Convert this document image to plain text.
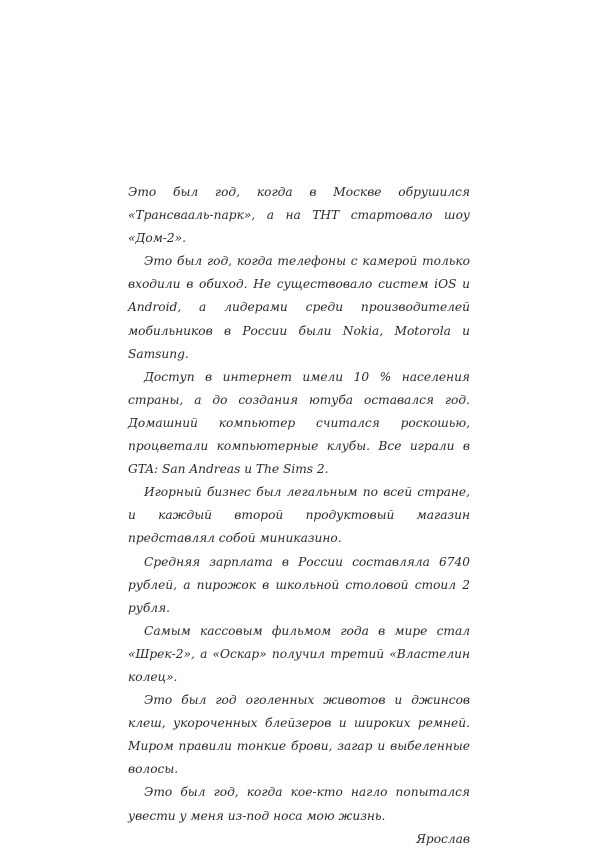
Это был год, когда в Москве обрушился «Трансвааль-парк», а на ТНТ стартовало шоу «Дом-2».

Это был год, когда телефоны с камерой только входили в обиход. Не существовало систем iOS и Android, а лидерами среди производителей мобильников в России были Nokia, Motorola и Samsung.

Доступ в интернет имели 10 % населения страны, а до создания ютуба оставался год. Домашний компьютер считался роскошью, процветали компьютерные клубы. Все играли в GTA: San Andreas и The Sims 2.

Игорный бизнес был легальным по всей стране, и каждый второй продуктовый магазин представлял собой миниказино.

Средняя зарплата в России составляла 6740 рублей, а пирожок в школьной столовой стоил 2 рубля.

Самым кассовым фильмом года в мире стал «Шрек-2», а «Оскар» получил третий «Властелин колец».

Это был год оголенных животов и джинсов клеш, укороченных блейзеров и широких ремней. Миром правили тонкие брови, загар и выбеленные волосы.

Это был год, когда кое-кто нагло попытался увести у меня из-под носа мою жизнь.

Ярослав
